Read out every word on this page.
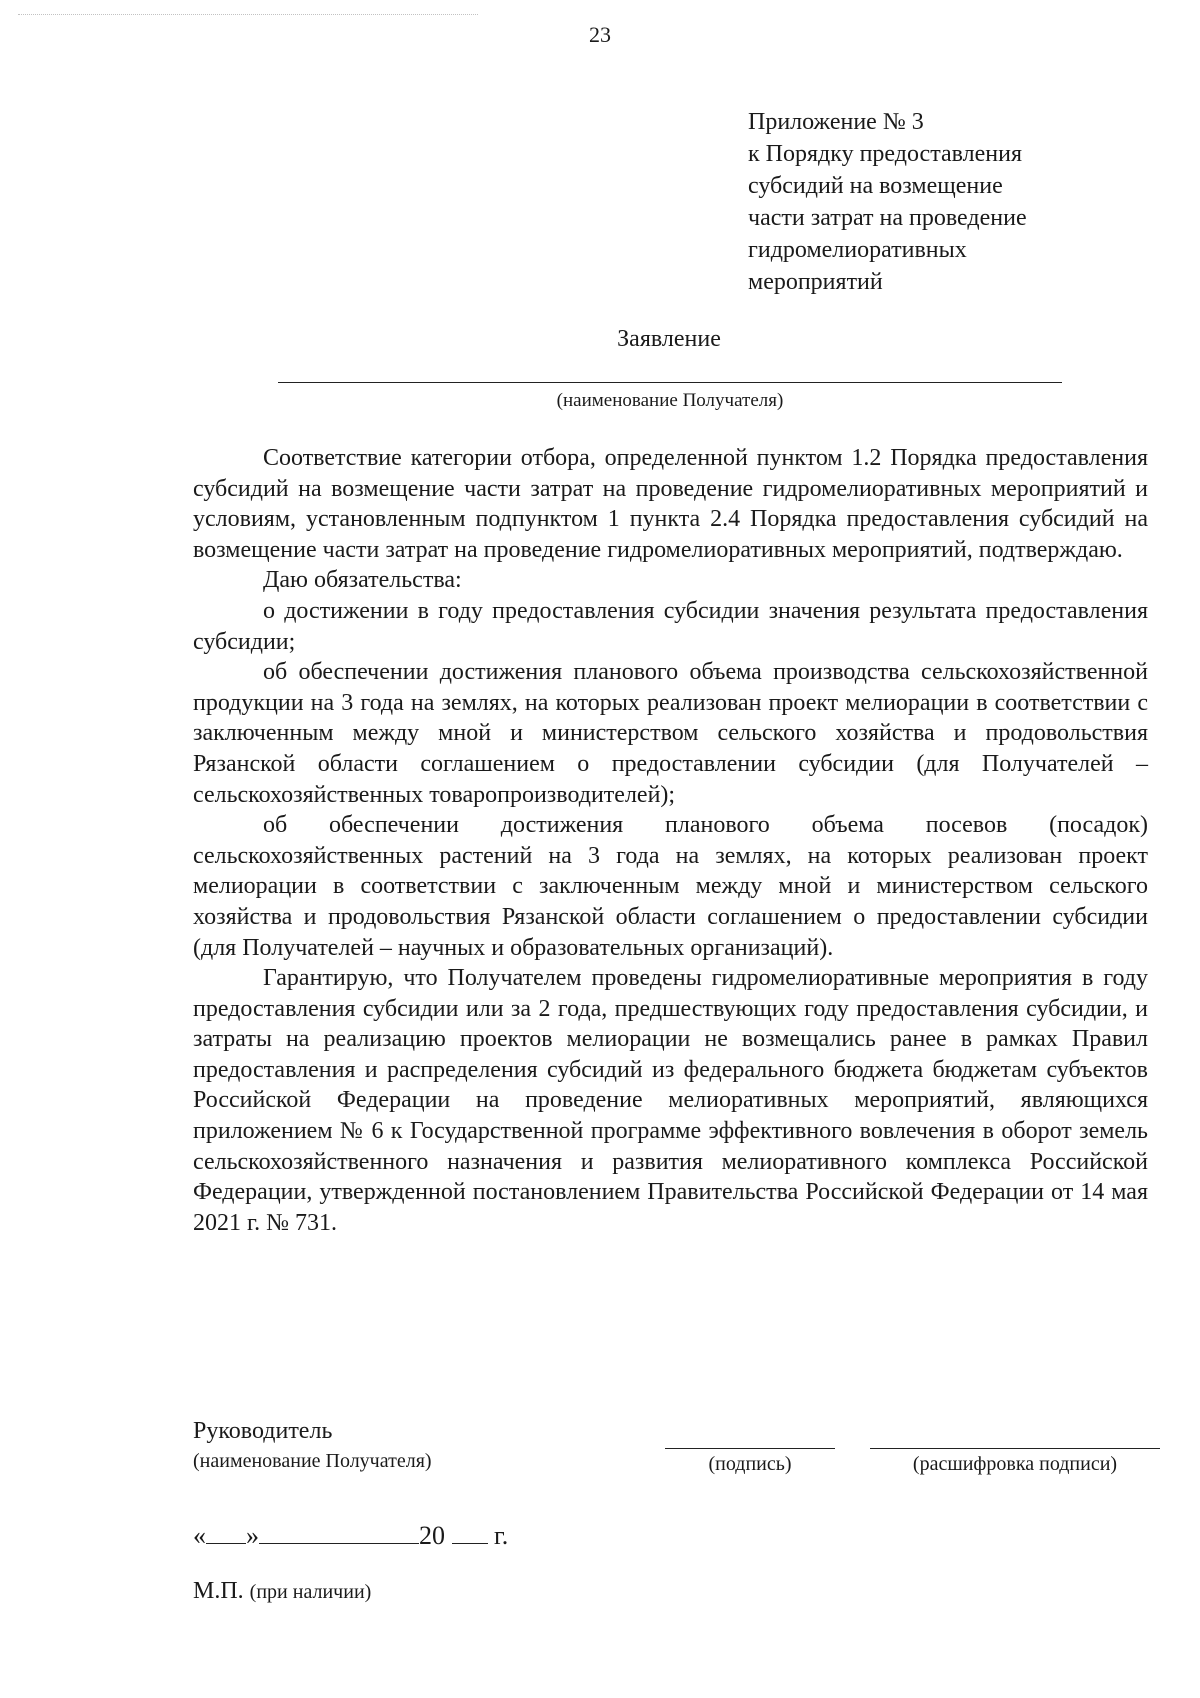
23
Приложение № 3
к Порядку предоставления
субсидий на возмещение
части затрат на проведение
гидромелиоративных
мероприятий
Заявление
(наименование Получателя)

Соответствие категории отбора, определенной пунктом 1.2 Порядка предоставления субсидий на возмещение части затрат на проведение гидромелиоративных мероприятий и условиям, установленным подпунктом 1 пункта 2.4 Порядка предоставления субсидий на возмещение части затрат на проведение гидромелиоративных мероприятий, подтверждаю.

Даю обязательства:

о достижении в году предоставления субсидии значения результата предоставления субсидии;

об обеспечении достижения планового объема производства сельскохозяйственной продукции на 3 года на землях, на которых реализован проект мелиорации в соответствии с заключенным между мной и министерством сельского хозяйства и продовольствия Рязанской области соглашением о предоставлении субсидии (для Получателей – сельскохозяйственных товаропроизводителей);

об обеспечении достижения планового объема посевов (посадок) сельскохозяйственных растений на 3 года на землях, на которых реализован проект мелиорации в соответствии с заключенным между мной и министерством сельского хозяйства и продовольствия Рязанской области соглашением о предоставлении субсидии (для Получателей – научных и образовательных организаций).

Гарантирую, что Получателем проведены гидромелиоративные мероприятия в году предоставления субсидии или за 2 года, предшествующих году предоставления субсидии, и затраты на реализацию проектов мелиорации не возмещались ранее в рамках Правил предоставления и распределения субсидий из федерального бюджета бюджетам субъектов Российской Федерации на проведение мелиоративных мероприятий, являющихся приложением № 6 к Государственной программе эффективного вовлечения в оборот земель сельскохозяйственного назначения и развития мелиоративного комплекса Российской Федерации, утвержденной постановлением Правительства Российской Федерации от 14 мая 2021 г. № 731.

Руководитель
(наименование Получателя)	(подпись)	(расшифровка подписи)
« »	20 г.
М.П. (при наличии)
